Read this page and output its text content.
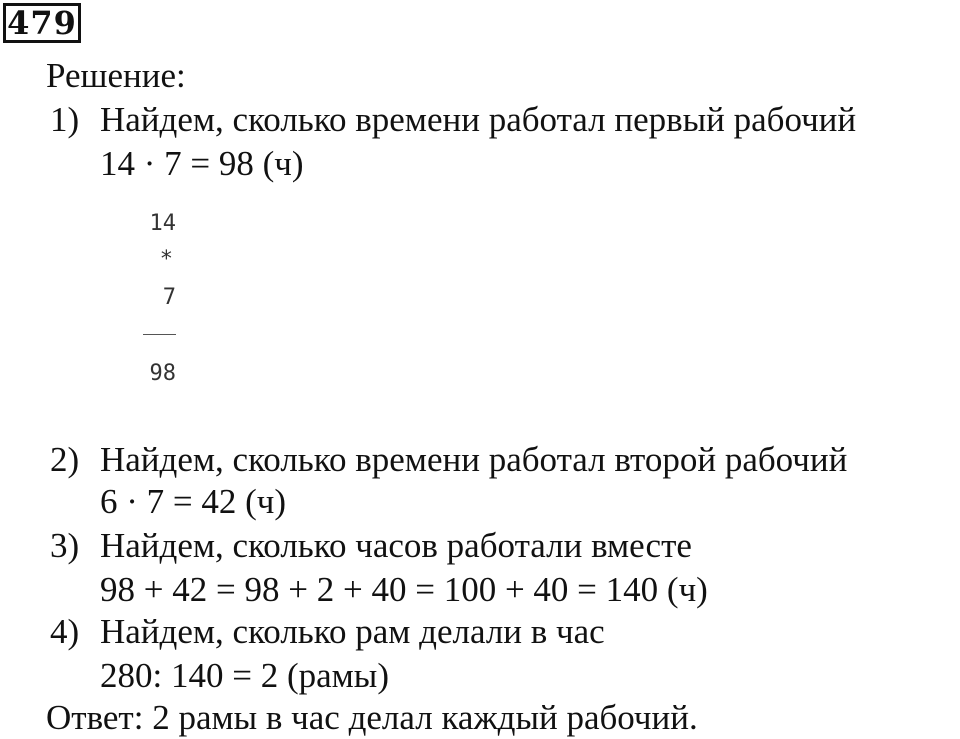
479
Решение:
1) Найдем, сколько времени работал первый рабочий
14 · 7 = 98 (ч)
14
*
7
98
2) Найдем, сколько времени работал второй рабочий
6 · 7 = 42 (ч)
3) Найдем, сколько часов работали вместе
98 + 42 = 98 + 2 + 40 = 100 + 40 = 140 (ч)
4) Найдем, сколько рам делали в час
280: 140 = 2 (рамы)
Ответ: 2 рамы в час делал каждый рабочий.
